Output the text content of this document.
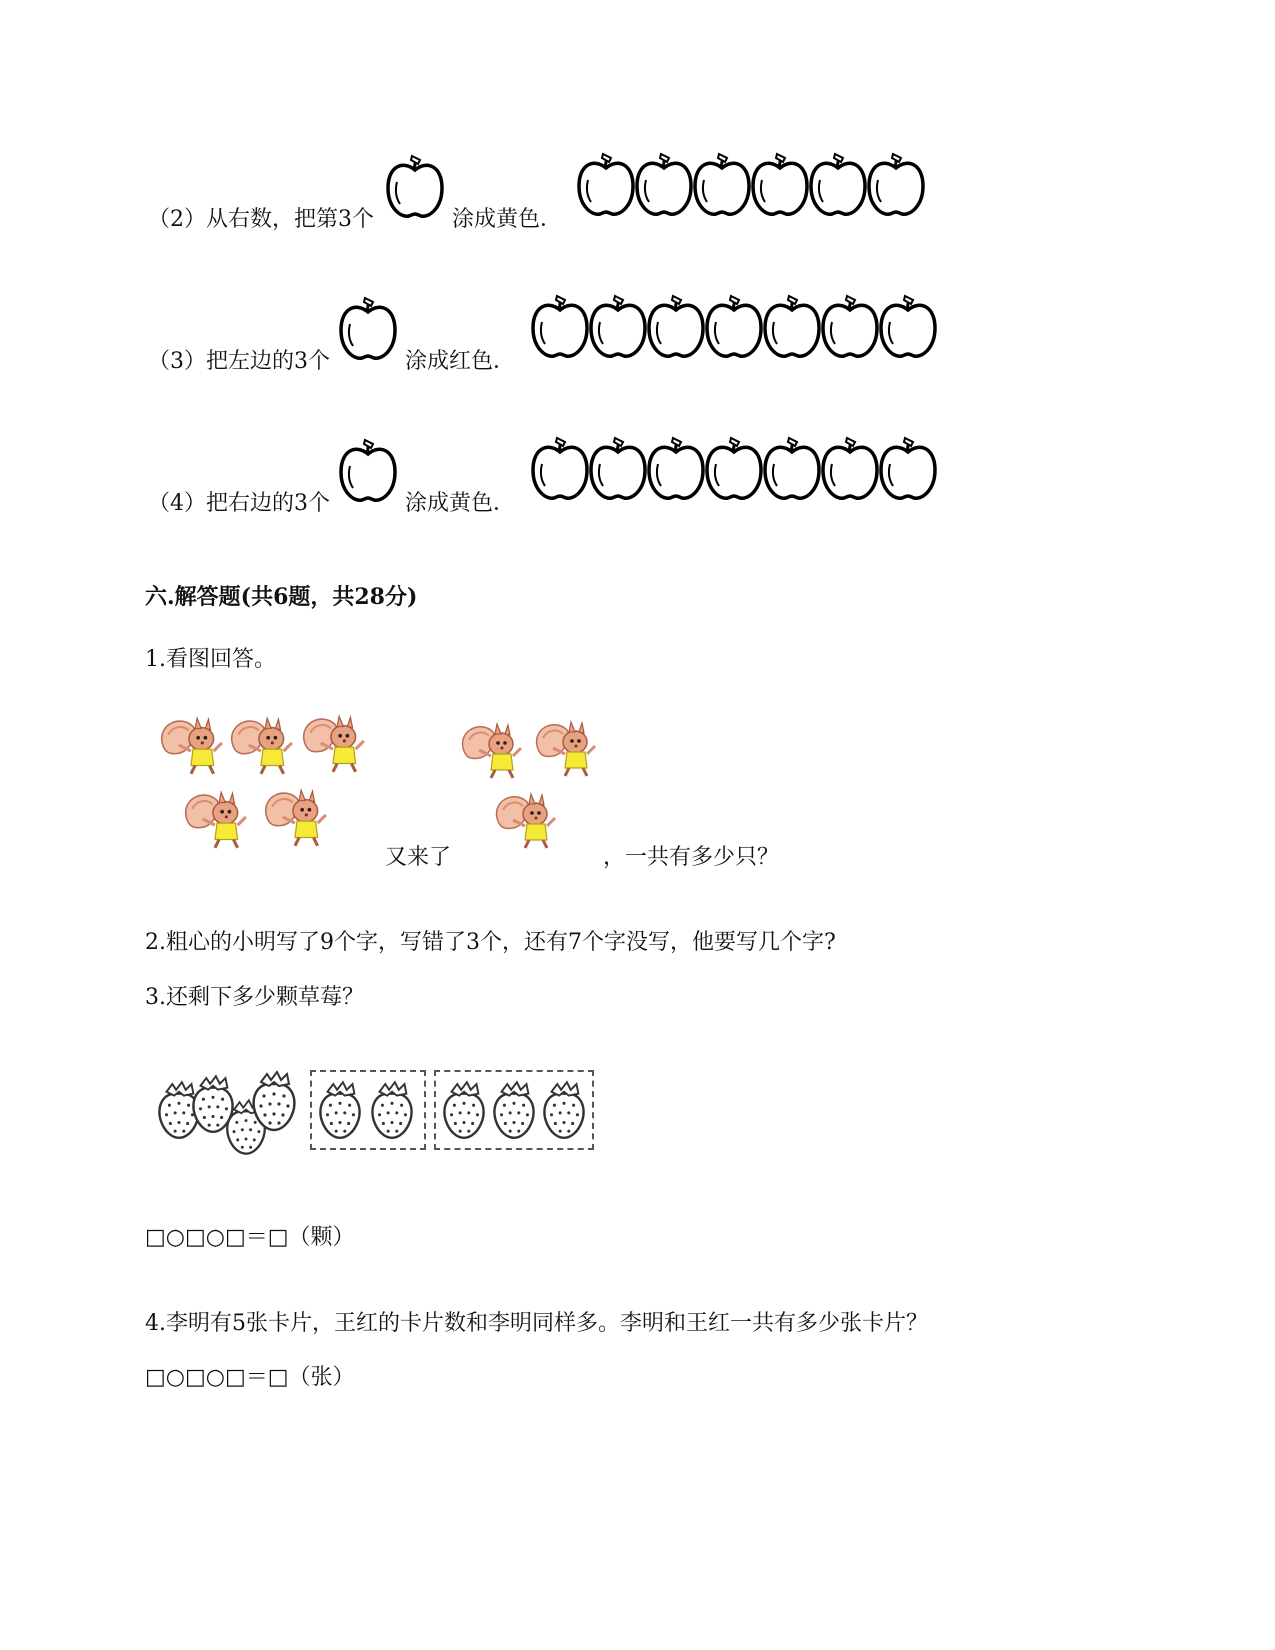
（2）从右数，把第3个	涂成黄色．
（3）把左边的3个	涂成红色．
（4）把右边的3个	涂成黄色．
六.解答题(共6题，共28分)
1.看图回答。
又来了	，一共有多少只？
2.粗心的小明写了9个字，写错了3个，还有7个字没写，他要写几个字?
3.还剩下多少颗草莓？
□○□○□＝□（颗）
4.李明有5张卡片，王红的卡片数和李明同样多。李明和王红一共有多少张卡片？
□○□○□＝□（张）
